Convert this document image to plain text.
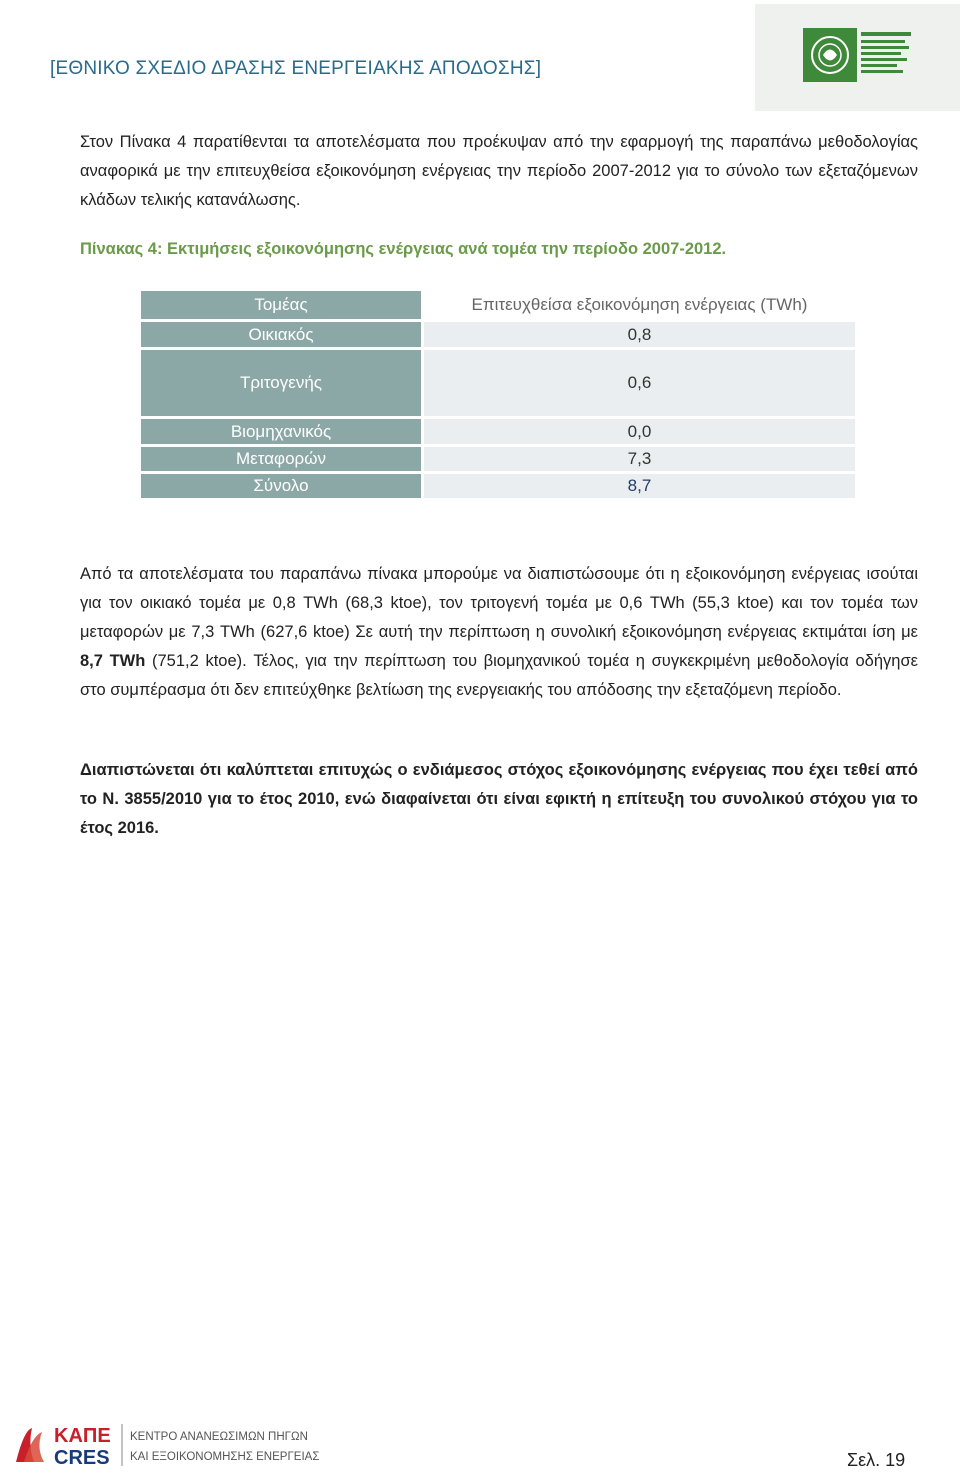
[ΕΘΝΙΚΟ ΣΧΕΔΙΟ ΔΡΑΣΗΣ ΕΝΕΡΓΕΙΑΚΗΣ ΑΠΟΔΟΣΗΣ]
Στον Πίνακα 4 παρατίθενται τα αποτελέσματα που προέκυψαν από την εφαρμογή της παραπάνω μεθοδολογίας αναφορικά με την επιτευχθείσα εξοικονόμηση ενέργειας την περίοδο 2007-2012 για το σύνολο των εξεταζόμενων κλάδων τελικής κατανάλωσης.
Πίνακας 4: Εκτιμήσεις εξοικονόμησης ενέργειας ανά τομέα την περίοδο 2007-2012.
Τομέας	Επιτευχθείσα εξοικονόμηση ενέργειας (TWh)
Οικιακός	0,8
Τριτογενής	0,6
Βιομηχανικός	0,0
Μεταφορών	7,3
Σύνολο	8,7
Από τα αποτελέσματα του παραπάνω πίνακα μπορούμε να διαπιστώσουμε ότι η εξοικονόμηση ενέργειας ισούται για τον οικιακό τομέα με 0,8 TWh (68,3 ktoe), τον τριτογενή τομέα με 0,6 TWh (55,3 ktoe) και τον τομέα των μεταφορών με 7,3 TWh (627,6 ktoe) Σε αυτή την περίπτωση η συνολική εξοικονόμηση ενέργειας εκτιμάται ίση με 8,7 TWh (751,2 ktoe). Τέλος, για την περίπτωση του βιομηχανικού τομέα η συγκεκριμένη μεθοδολογία οδήγησε στο συμπέρασμα ότι δεν επιτεύχθηκε βελτίωση της ενεργειακής του απόδοσης την εξεταζόμενη περίοδο.
Διαπιστώνεται ότι καλύπτεται επιτυχώς ο ενδιάμεσος στόχος εξοικονόμησης ενέργειας που έχει τεθεί από το Ν. 3855/2010 για το έτος 2010, ενώ διαφαίνεται ότι είναι εφικτή η επίτευξη του συνολικού στόχου για το έτος 2016.
ΚΑΠΕ
CRES
ΚΕΝΤΡΟ ΑΝΑΝΕΩΣΙΜΩΝ ΠΗΓΩΝ
ΚΑΙ ΕΞΟΙΚΟΝΟΜΗΣΗΣ ΕΝΕΡΓΕΙΑΣ	Σελ. 19
